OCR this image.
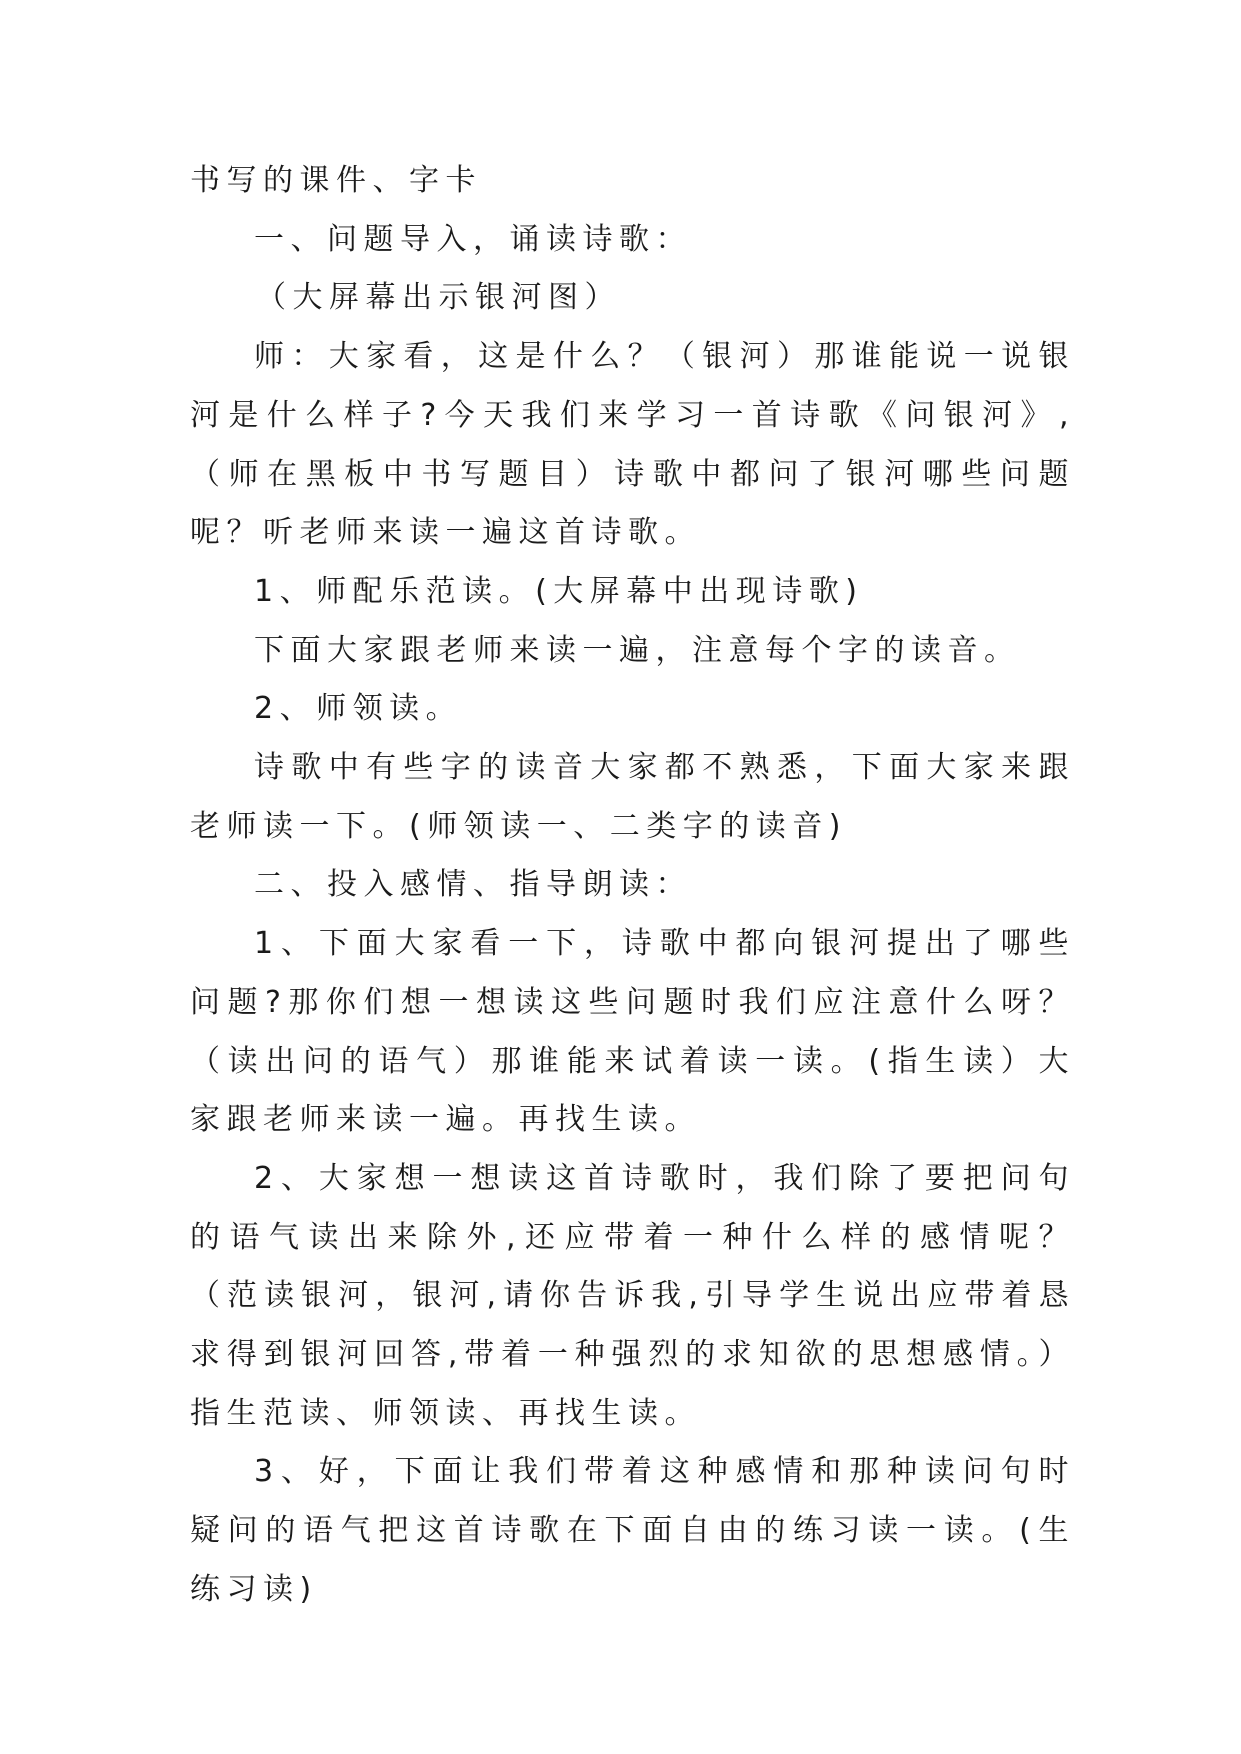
书写的课件、字卡

一、问题导入，诵读诗歌：

（大屏幕出示银河图）

师：大家看，这是什么？（银河）那谁能说一说银河是什么样子?今天我们来学习一首诗歌《问银河》,（师在黑板中书写题目）诗歌中都问了银河哪些问题呢？听老师来读一遍这首诗歌。

1、师配乐范读。(大屏幕中出现诗歌)

下面大家跟老师来读一遍，注意每个字的读音。

2、师领读。

诗歌中有些字的读音大家都不熟悉，下面大家来跟老师读一下。(师领读一、二类字的读音)

二、投入感情、指导朗读：

1、下面大家看一下，诗歌中都向银河提出了哪些问题?那你们想一想读这些问题时我们应注意什么呀？（读出问的语气）那谁能来试着读一读。(指生读）大家跟老师来读一遍。再找生读。

2、大家想一想读这首诗歌时，我们除了要把问句的语气读出来除外,还应带着一种什么样的感情呢？（范读银河，银河,请你告诉我,引导学生说出应带着恳求得到银河回答,带着一种强烈的求知欲的思想感情。）指生范读、师领读、再找生读。

3、好，下面让我们带着这种感情和那种读问句时疑问的语气把这首诗歌在下面自由的练习读一读。(生练习读)
